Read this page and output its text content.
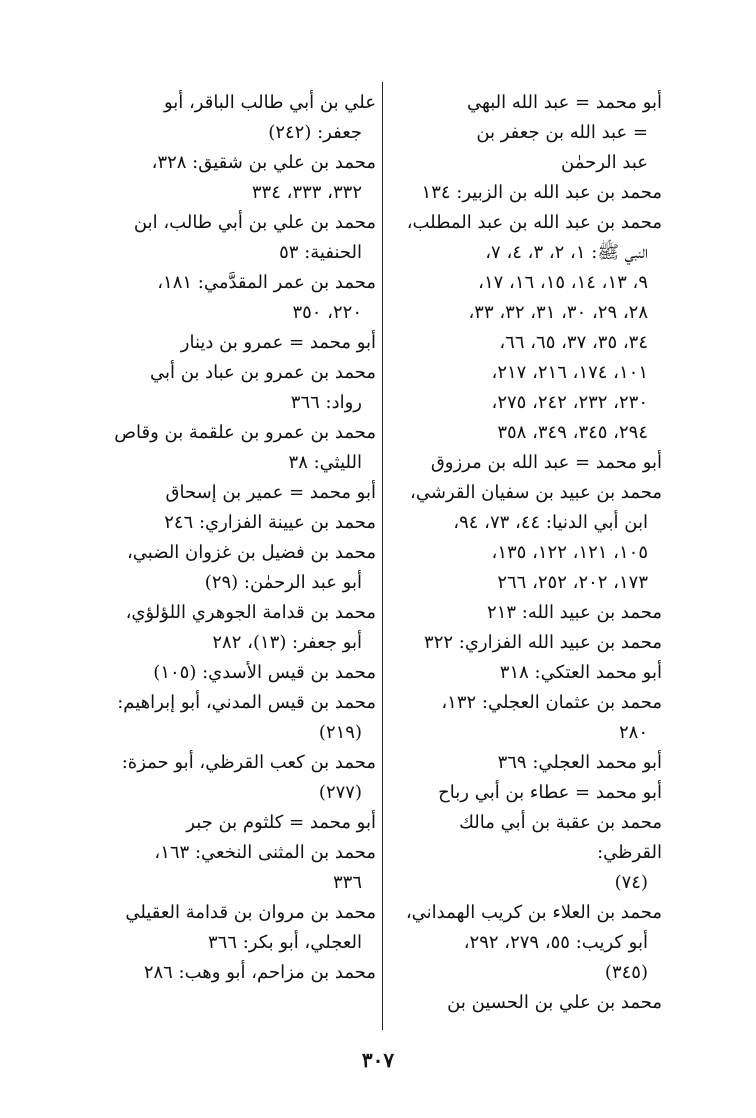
أبو محمد = عبد الله البهي
= عبد الله بن جعفر بن
عبد الرحمٰن
محمد بن عبد الله بن الزبير: ١٣٤
محمد بن عبد الله بن عبد المطلب،
النبي ﷺ: ١، ٢، ٣، ٤، ٧،
٩، ١٣، ١٤، ١٥، ١٦، ١٧،
٢٨، ٢٩، ٣٠، ٣١، ٣٢، ٣٣،
٣٤، ٣٥، ٣٧، ٦٥، ٦٦،
١٠١، ١٧٤، ٢١٦، ٢١٧،
٢٣٠، ٢٣٢، ٢٤٢، ٢٧٥،
٢٩٤، ٣٤٥، ٣٤٩، ٣٥٨
أبو محمد = عبد الله بن مرزوق
محمد بن عبيد بن سفيان القرشي،
ابن أبي الدنيا: ٤٤، ٧٣، ٩٤،
١٠٥، ١٢١، ١٢٢، ١٣٥،
١٧٣، ٢٠٢، ٢٥٢، ٢٦٦
محمد بن عبيد الله: ٢١٣
محمد بن عبيد الله الفزاري: ٣٢٢
أبو محمد العتكي: ٣١٨
محمد بن عثمان العجلي: ١٣٢،
٢٨٠
أبو محمد العجلي: ٣٦٩
أبو محمد = عطاء بن أبي رباح
محمد بن عقبة بن أبي مالك القرظي:
(٧٤)
محمد بن العلاء بن كريب الهمداني،
أبو كريب: ٥٥، ٢٧٩، ٢٩٢،
(٣٤٥)
محمد بن علي بن الحسين بن
علي بن أبي طالب الباقر، أبو
جعفر: (٢٤٢)
محمد بن علي بن شقيق: ٣٢٨،
٣٣٢، ٣٣٣، ٣٣٤
محمد بن علي بن أبي طالب، ابن
الحنفية: ٥٣
محمد بن عمر المقدَّمي: ١٨١،
٢٢٠، ٣٥٠
أبو محمد = عمرو بن دينار
محمد بن عمرو بن عباد بن أبي
رواد: ٣٦٦
محمد بن عمرو بن علقمة بن وقاص
الليثي: ٣٨
أبو محمد = عمير بن إسحاق
محمد بن عيينة الفزاري: ٢٤٦
محمد بن فضيل بن غزوان الضبي،
أبو عبد الرحمٰن: (٢٩)
محمد بن قدامة الجوهري اللؤلؤي،
أبو جعفر: (١٣)، ٢٨٢
محمد بن قيس الأسدي: (١٠٥)
محمد بن قيس المدني، أبو إبراهيم:
(٢١٩)
محمد بن كعب القرظي، أبو حمزة:
(٢٧٧)
أبو محمد = كلثوم بن جبر
محمد بن المثنى النخعي: ١٦٣،
٣٣٦
محمد بن مروان بن قدامة العقيلي
العجلي، أبو بكر: ٣٦٦
محمد بن مزاحم، أبو وهب: ٢٨٦
٣٠٧
